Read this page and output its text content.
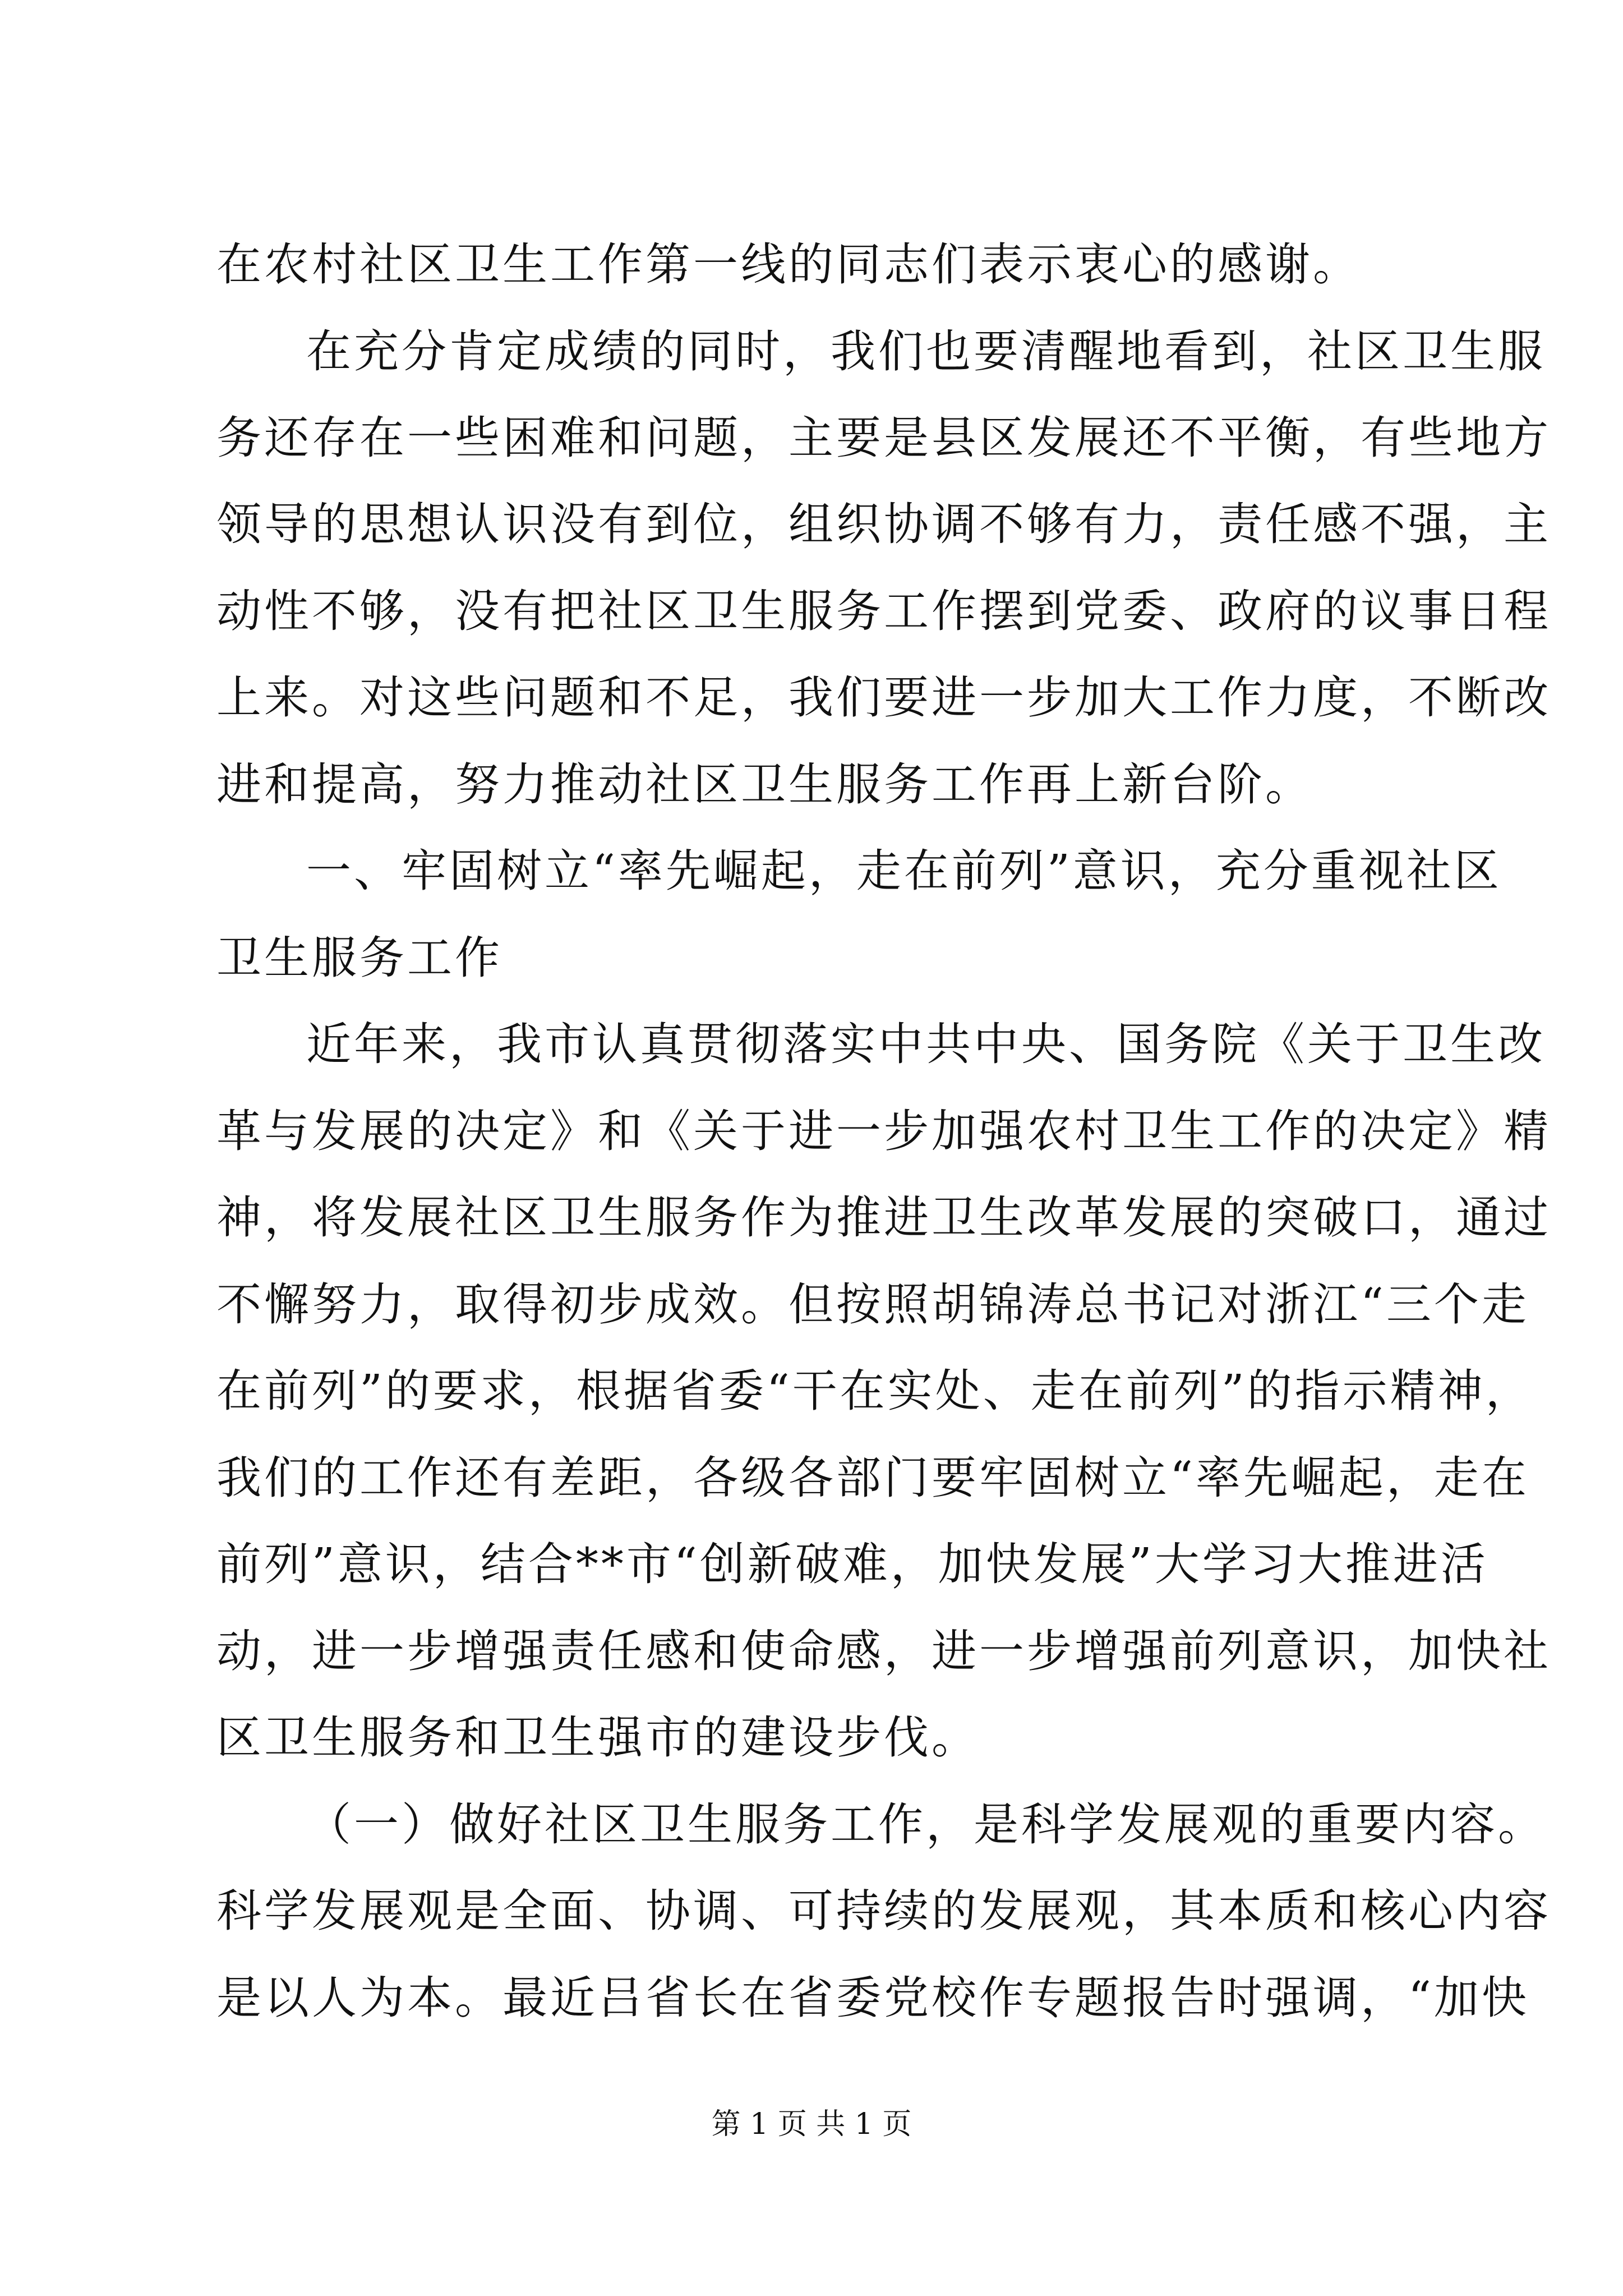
在农村社区卫生工作第一线的同志们表示衷心的感谢。
在充分肯定成绩的同时，我们也要清醒地看到，社区卫生服
务还存在一些困难和问题，主要是县区发展还不平衡，有些地方
领导的思想认识没有到位，组织协调不够有力，责任感不强，主
动性不够，没有把社区卫生服务工作摆到党委、政府的议事日程
上来。对这些问题和不足，我们要进一步加大工作力度，不断改
进和提高，努力推动社区卫生服务工作再上新台阶。
一、牢固树立“率先崛起，走在前列”意识，充分重视社区
卫生服务工作
近年来，我市认真贯彻落实中共中央、国务院《关于卫生改
革与发展的决定》和《关于进一步加强农村卫生工作的决定》精
神，将发展社区卫生服务作为推进卫生改革发展的突破口，通过
不懈努力，取得初步成效。但按照胡锦涛总书记对浙江“三个走
在前列”的要求，根据省委“干在实处、走在前列”的指示精神，
我们的工作还有差距，各级各部门要牢固树立“率先崛起，走在
前列”意识，结合**市“创新破难，加快发展”大学习大推进活
动，进一步增强责任感和使命感，进一步增强前列意识，加快社
区卫生服务和卫生强市的建设步伐。
（一）做好社区卫生服务工作，是科学发展观的重要内容。
科学发展观是全面、协调、可持续的发展观，其本质和核心内容
是以人为本。最近吕省长在省委党校作专题报告时强调，“加快
第 1 页 共 1 页
